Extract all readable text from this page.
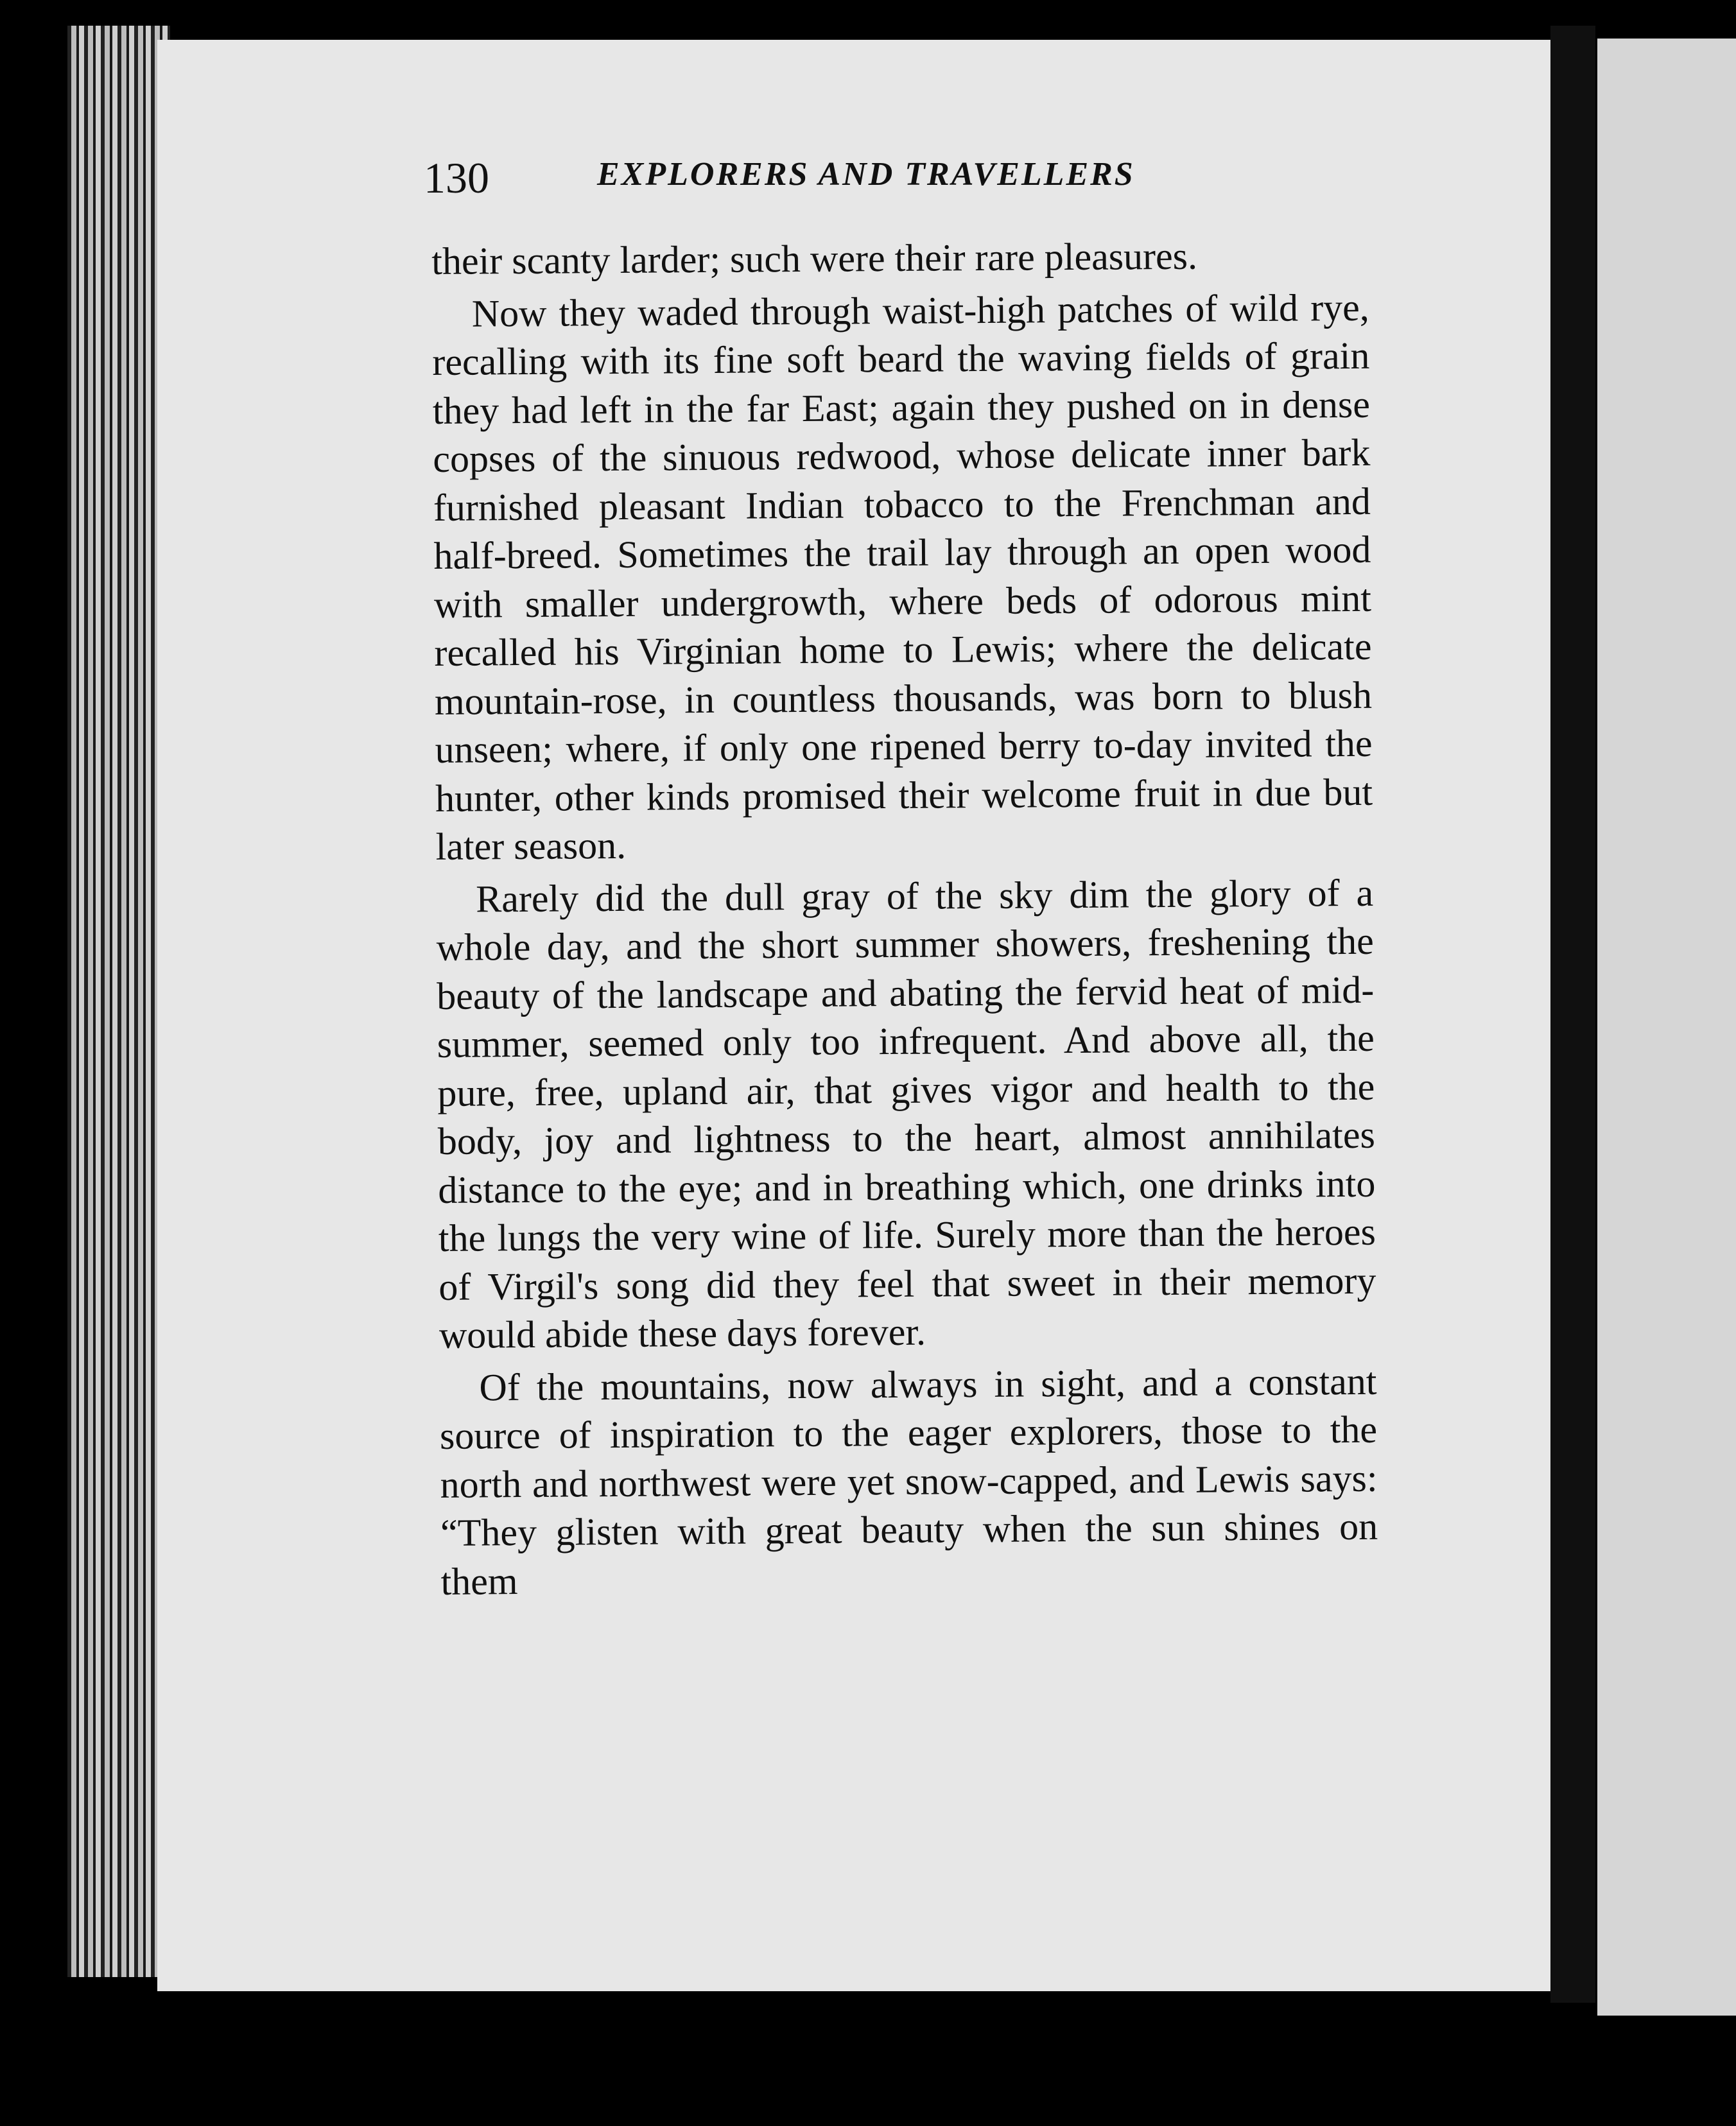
130	EXPLORERS AND TRAVELLERS

their scanty larder; such were their rare pleasures.

Now they waded through waist-high patches of wild rye, recalling with its fine soft beard the waving fields of grain they had left in the far East; again they pushed on in dense copses of the sinuous redwood, whose delicate inner bark furnished pleasant Indian tobacco to the Frenchman and half-breed. Sometimes the trail lay through an open wood with smaller undergrowth, where beds of odorous mint recalled his Virginian home to Lewis; where the delicate mountain-rose, in countless thousands, was born to blush unseen; where, if only one ripened berry to-day invited the hunter, other kinds promised their welcome fruit in due but later season.

Rarely did the dull gray of the sky dim the glory of a whole day, and the short summer showers, freshening the beauty of the landscape and abating the fervid heat of mid-summer, seemed only too infrequent. And above all, the pure, free, upland air, that gives vigor and health to the body, joy and lightness to the heart, almost annihilates distance to the eye; and in breathing which, one drinks into the lungs the very wine of life. Surely more than the heroes of Virgil's song did they feel that sweet in their memory would abide these days forever.

Of the mountains, now always in sight, and a constant source of inspiration to the eager explorers, those to the north and northwest were yet snow-capped, and Lewis says: “They glisten with great beauty when the sun shines on them
